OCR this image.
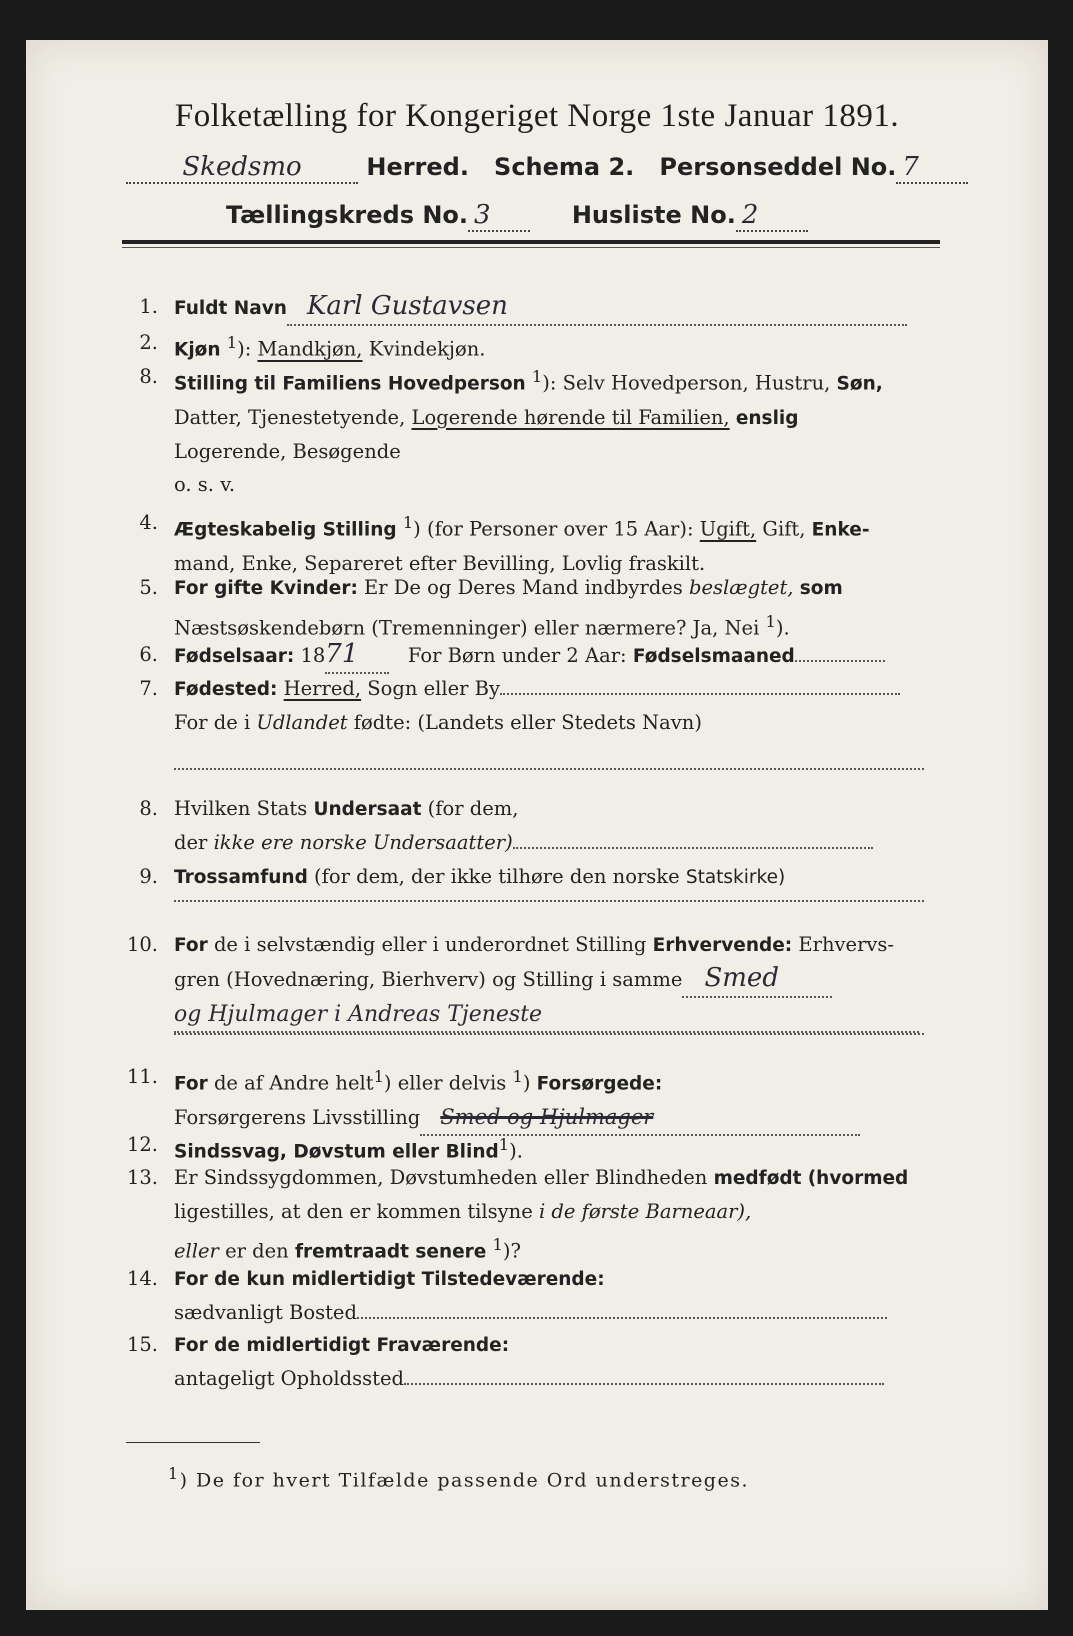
Folketælling for Kongeriget Norge 1ste Januar 1891.
Skedsmo	Herred. Schema 2. Personseddel No. 7
Tællingskreds No. 3	Husliste No. 2
1. Fuldt Navn Karl Gustavsen
2. Kjøn $^1$): Mandkjøn, Kvindekjøn.
8. Stilling til Familiens Hovedperson $^1$): Selv Hovedperson, Hustru, Søn,
Datter, Tjenestetyende, Logerende hørende til Familien, enslig
Logerende, Besøgende
o. s. v.
4. Ægteskabelig Stilling $^1$) (for Personer over 15 Aar): Ugift, Gift, Enke-
mand, Enke, Separeret efter Bevilling, Lovlig fraskilt.
5. For gifte Kvinder: Er De og Deres Mand indbyrdes beslægtet, som
Næstsøskendebørn (Tremenninger) eller nærmere? Ja, Nei $^1$).
6. Fødselsaar: 1871	For Børn under 2 Aar: Fødselsmaaned
7. Fødested: Herred, Sogn eller By
For de i Udlandet fødte: (Landets eller Stedets Navn)
8. Hvilken Stats Undersaat (for dem,
der ikke ere norske Undersaatter)
9. Trossamfund (for dem, der ikke tilhøre den norske Statskirke)
10. For de i selvstændig eller i underordnet Stilling Erhvervende: Erhvervs-
gren (Hovednæring, Bierhverv) og Stilling i samme Smed
og Hjulmager i Andreas Tjeneste
11. For de af Andre helt$^1$) eller delvis $^1$) Forsørgede:
Forsørgerens Livsstilling Smed og Hjulmager
12. Sindssvag, Døvstum eller Blind$^1$).
13. Er Sindssygdommen, Døvstumheden eller Blindheden medfødt (hvormed
ligestilles, at den er kommen tilsyne i de første Barneaar),
eller er den fremtraadt senere $^1$)?
14. For de kun midlertidigt Tilstedeværende:
sædvanligt Bosted
15. For de midlertidigt Fraværende:
antageligt Opholdssted
$^1$) De for hvert Tilfælde passende Ord understreges.
